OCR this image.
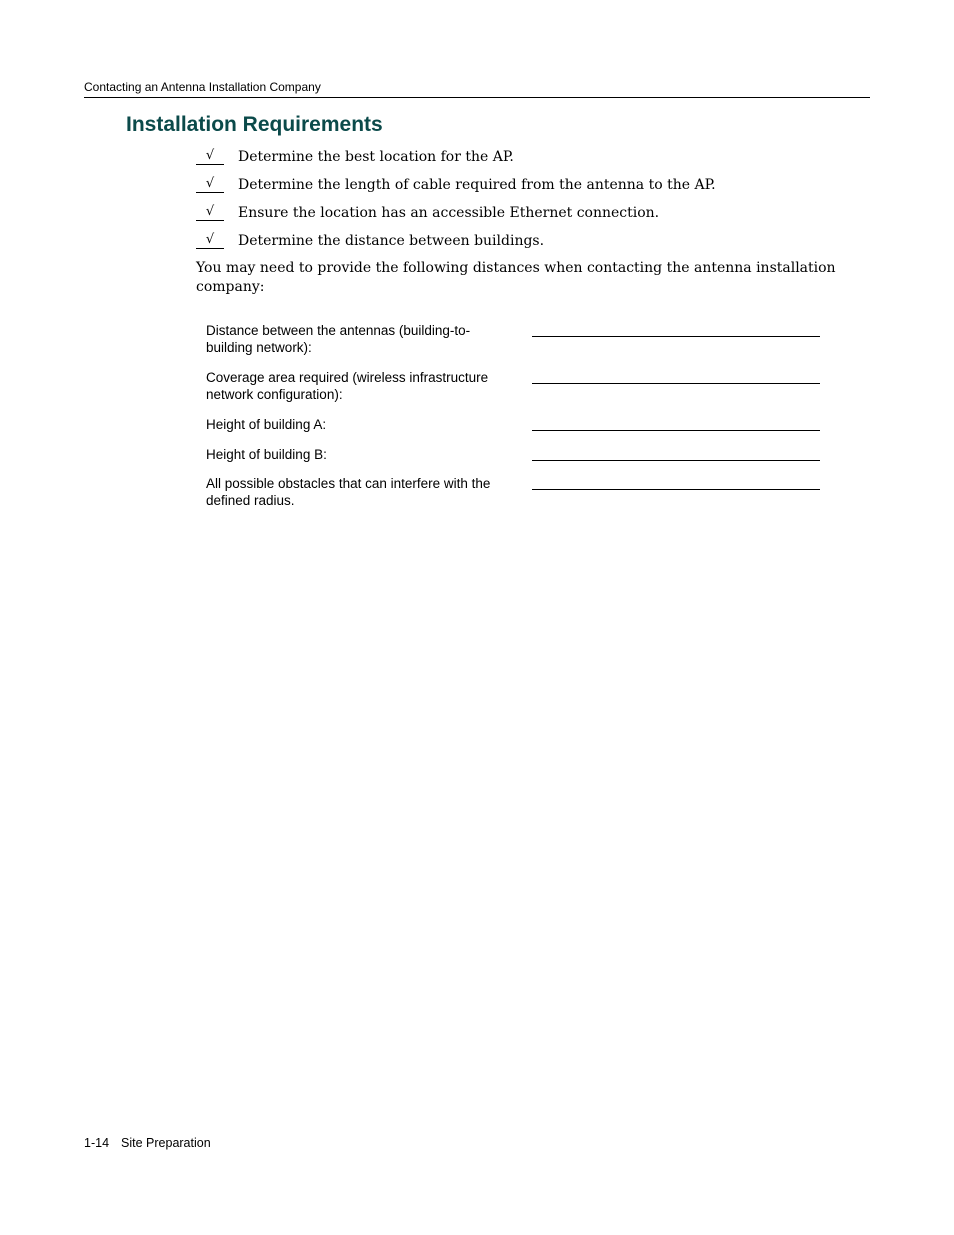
Contacting an Antenna Installation Company
Installation Requirements
√	Determine the best location for the AP.
√	Determine the length of cable required from the antenna to the AP.
√	Ensure the location has an accessible Ethernet connection.
√	Determine the distance between buildings.

You may need to provide the following distances when contacting the antenna installation company:

Distance between the antennas (building-to-building network):
Coverage area required (wireless infrastructure network configuration):
Height of building A:
Height of building B:
All possible obstacles that can interfere with the defined radius.
1-14 Site Preparation
